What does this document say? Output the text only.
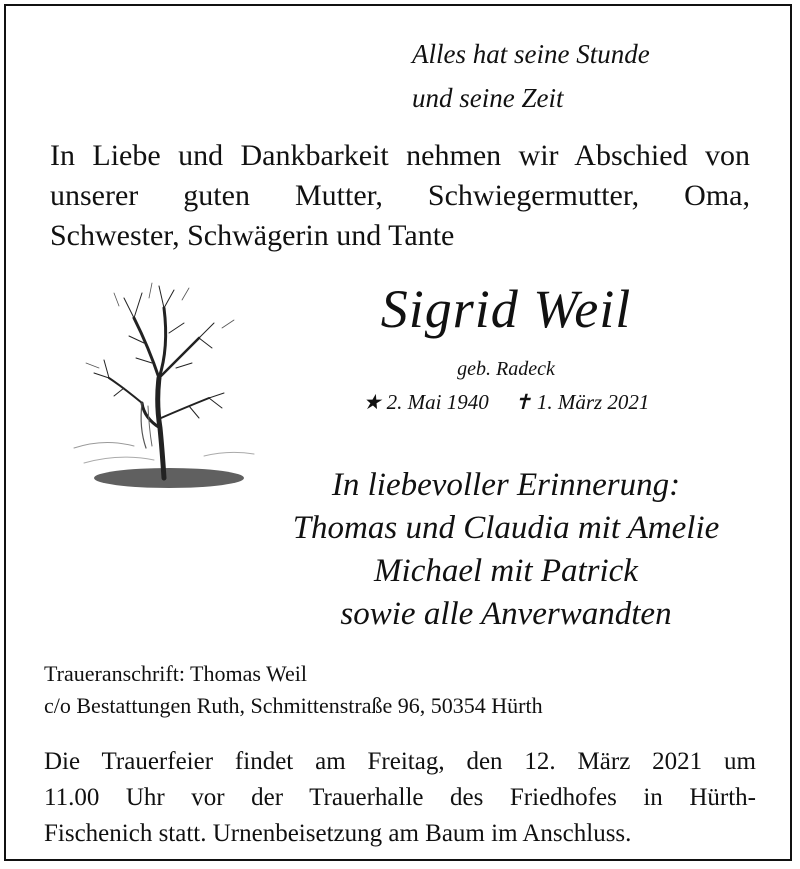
Alles hat seine Stunde
und seine Zeit
In Liebe und Dankbarkeit nehmen wir Abschied von
unserer guten Mutter, Schwiegermutter, Oma,
Schwester, Schwägerin und Tante
Sigrid Weil
geb. Radeck
★ 2. Mai 1940 ✝ 1. März 2021
In liebevoller Erinnerung:
Thomas und Claudia mit Amelie
Michael mit Patrick
sowie alle Anverwandten
Traueranschrift: Thomas Weil
c/o Bestattungen Ruth, Schmittenstraße 96, 50354 Hürth
Die Trauerfeier findet am Freitag, den 12. März 2021 um
11.00 Uhr vor der Trauerhalle des Friedhofes in Hürth-
Fischenich statt. Urnenbeisetzung am Baum im Anschluss.
